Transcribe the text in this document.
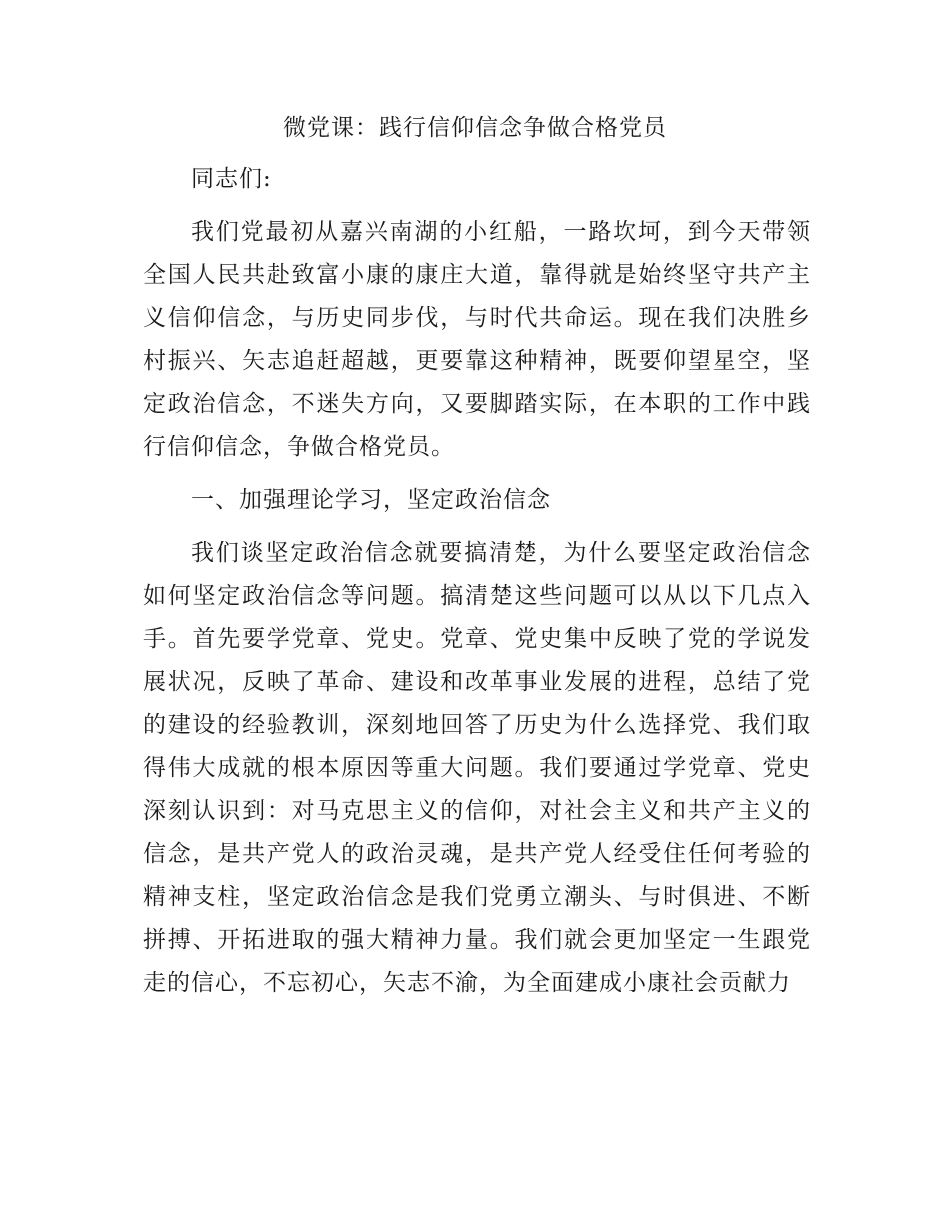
微党课：践行信仰信念争做合格党员

同志们:

我们党最初从嘉兴南湖的小红船，一路坎坷，到今天带领全国人民共赴致富小康的康庄大道，靠得就是始终坚守共产主义信仰信念，与历史同步伐，与时代共命运。现在我们决胜乡村振兴、矢志追赶超越，更要靠这种精神，既要仰望星空，坚定政治信念，不迷失方向，又要脚踏实际，在本职的工作中践行信仰信念，争做合格党员。

一、加强理论学习，坚定政治信念

我们谈坚定政治信念就要搞清楚，为什么要坚定政治信念如何坚定政治信念等问题。搞清楚这些问题可以从以下几点入手。首先要学党章、党史。党章、党史集中反映了党的学说发展状况，反映了革命、建设和改革事业发展的进程，总结了党的建设的经验教训，深刻地回答了历史为什么选择党、我们取得伟大成就的根本原因等重大问题。我们要通过学党章、党史深刻认识到：对马克思主义的信仰，对社会主义和共产主义的信念，是共产党人的政治灵魂，是共产党人经受住任何考验的精神支柱，坚定政治信念是我们党勇立潮头、与时俱进、不断拼搏、开拓进取的强大精神力量。我们就会更加坚定一生跟党走的信心，不忘初心，矢志不渝，为全面建成小康社会贡献力
